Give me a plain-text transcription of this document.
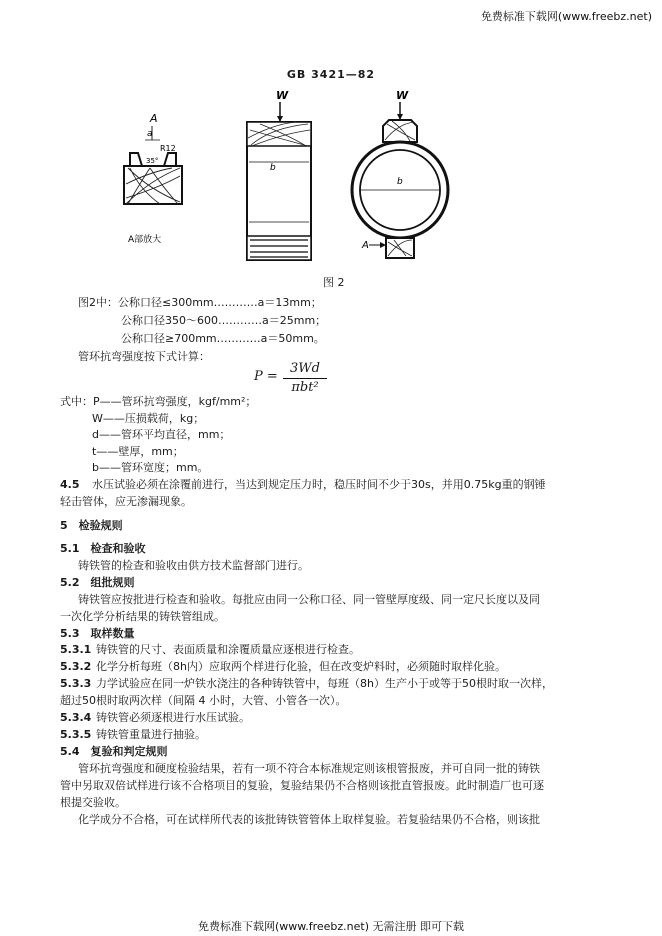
免费标准下载网(www.freebz.net)
GB 3421—82
A
a
R12
35°
A部放大
W
b
W
b
A
图 2
图2中：公称口径≤300mm…………a＝13mm；
公称口径350～600…………a＝25mm；
公称口径≥700mm…………a＝50mm。
管环抗弯强度按下式计算：
P =
3Wd
πbt²
式中：P——管环抗弯强度，kgf/mm²；
W——压损载荷，kg；
d——管环平均直径，mm；
t——壁厚，mm；
b——管环宽度；mm。
4.5 水压试验必须在涂覆前进行，当达到规定压力时，稳压时间不少于30s，并用0.75kg重的钢锤
轻击管体，应无渗漏现象。
5　检验规则
5.1　检查和验收
铸铁管的检查和验收由供方技术监督部门进行。
5.2　组批规则
铸铁管应按批进行检查和验收。每批应由同一公称口径、同一管壁厚度级、同一定尺长度以及同
一次化学分析结果的铸铁管组成。
5.3　取样数量
5.3.1 铸铁管的尺寸、表面质量和涂覆质量应逐根进行检查。
5.3.2 化学分析每班（8h内）应取两个样进行化验，但在改变炉料时，必须随时取样化验。
5.3.3 力学试验应在同一炉铁水浇注的各种铸铁管中，每班（8h）生产小于或等于50根时取一次样，
超过50根时取两次样（间隔 4 小时，大管、小管各一次）。
5.3.4 铸铁管必须逐根进行水压试验。
5.3.5 铸铁管重量进行抽验。
5.4　复验和判定规则
管环抗弯强度和硬度检验结果，若有一项不符合本标准规定则该根管报废，并可自同一批的铸铁
管中另取双倍试样进行该不合格项目的复验，复验结果仍不合格则该批直管报废。此时制造厂也可逐
根提交验收。
化学成分不合格，可在试样所代表的该批铸铁管管体上取样复验。若复验结果仍不合格，则该批
免费标准下载网(www.freebz.net) 无需注册 即可下载
